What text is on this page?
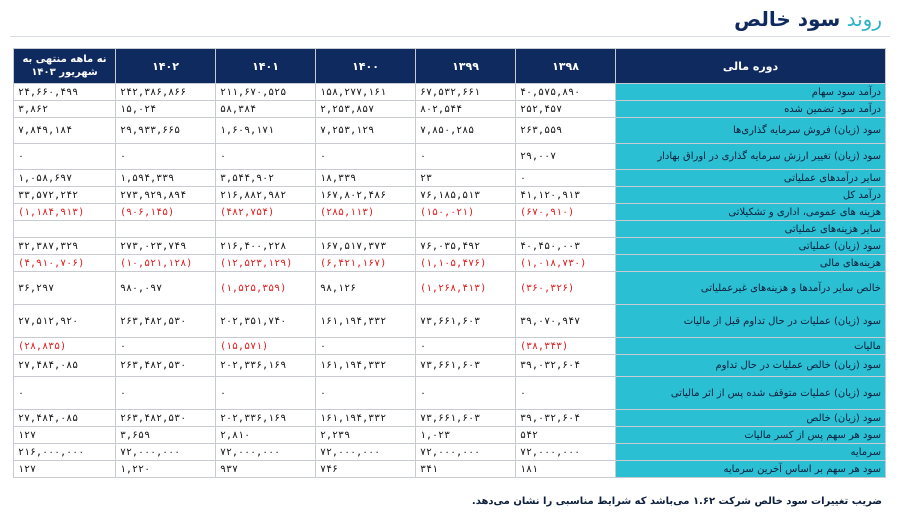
روند سود خالص
دوره مالی	۱۳۹۸	۱۳۹۹	۱۴۰۰	۱۴۰۱	۱۴۰۲	نه ماهه منتهی به شهریور ۱۴۰۳
درآمد سود سهام	۴۰,۵۷۵,۸۹۰	۶۷,۵۳۲,۶۶۱	۱۵۸,۲۷۷,۱۶۱	۲۱۱,۶۷۰,۵۲۵	۲۴۲,۳۸۶,۸۶۶	۲۴,۶۶۰,۴۹۹
درآمد سود تضمین شده	۲۵۲,۴۵۷	۸۰۲,۵۴۴	۲,۲۵۳,۸۵۷	۵۸,۳۸۴	۱۵,۰۲۴	۳,۸۶۲
سود (زیان) فروش سرمایه گذاری‌ها	۲۶۳,۵۵۹	۷,۸۵۰,۲۸۵	۷,۲۵۳,۱۲۹	۱,۶۰۹,۱۷۱	۲۹,۹۳۳,۶۶۵	۷,۸۴۹,۱۸۴
سود (زیان) تغییر ارزش سرمایه گذاری در اوراق بهادار	۲۹,۰۰۷	۰	۰	۰	۰	۰
سایر درآمدهای عملیاتی	۰	۲۳	۱۸,۳۳۹	۳,۵۴۴,۹۰۲	۱,۵۹۴,۳۳۹	۱,۰۵۸,۶۹۷
درآمد کل	۴۱,۱۲۰,۹۱۳	۷۶,۱۸۵,۵۱۳	۱۶۷,۸۰۲,۴۸۶	۲۱۶,۸۸۲,۹۸۲	۲۷۳,۹۲۹,۸۹۴	۳۳,۵۷۲,۲۴۲
هزینه های عمومی، اداری و تشکیلاتی	(۶۷۰,۹۱۰)	(۱۵۰,۰۲۱)	(۲۸۵,۱۱۳)	(۴۸۲,۷۵۴)	(۹۰۶,۱۴۵)	(۱,۱۸۴,۹۱۳)
سایر هزینه‌های عملیاتی						
سود (زیان) عملیاتی	۴۰,۴۵۰,۰۰۳	۷۶,۰۳۵,۴۹۲	۱۶۷,۵۱۷,۳۷۳	۲۱۶,۴۰۰,۲۲۸	۲۷۳,۰۲۳,۷۴۹	۳۲,۳۸۷,۳۲۹
هزینه‌های مالی	(۱,۰۱۸,۷۳۰)	(۱,۱۰۵,۴۷۶)	(۶,۴۲۱,۱۶۷)	(۱۲,۵۲۳,۱۲۹)	(۱۰,۵۲۱,۱۲۸)	(۴,۹۱۰,۷۰۶)
خالص سایر درآمدها و هزینه‌های غیرعملیاتی	(۳۶۰,۳۲۶)	(۱,۲۶۸,۴۱۳)	۹۸,۱۲۶	(۱,۵۲۵,۳۵۹)	۹۸۰,۰۹۷	۳۶,۲۹۷
سود (زیان) عملیات در حال تداوم قبل از مالیات	۳۹,۰۷۰,۹۴۷	۷۳,۶۶۱,۶۰۳	۱۶۱,۱۹۴,۳۳۲	۲۰۲,۳۵۱,۷۴۰	۲۶۳,۴۸۲,۵۳۰	۲۷,۵۱۲,۹۲۰
مالیات	(۳۸,۳۴۳)	۰	۰	(۱۵,۵۷۱)	۰	(۲۸,۸۳۵)
سود (زیان) خالص عملیات در حال تداوم	۳۹,۰۳۲,۶۰۴	۷۳,۶۶۱,۶۰۳	۱۶۱,۱۹۴,۳۳۲	۲۰۲,۳۳۶,۱۶۹	۲۶۳,۴۸۲,۵۳۰	۲۷,۴۸۴,۰۸۵
سود (زیان) عملیات متوقف شده پس از اثر مالیاتی	۰	۰	۰	۰	۰	۰
سود (زیان) خالص	۳۹,۰۳۲,۶۰۴	۷۳,۶۶۱,۶۰۳	۱۶۱,۱۹۴,۳۳۲	۲۰۲,۳۳۶,۱۶۹	۲۶۳,۴۸۲,۵۳۰	۲۷,۴۸۴,۰۸۵
سود هر سهم پس از کسر مالیات	۵۴۲	۱,۰۲۳	۲,۲۳۹	۲,۸۱۰	۳,۶۵۹	۱۲۷
سرمایه	۷۲,۰۰۰,۰۰۰	۷۲,۰۰۰,۰۰۰	۷۲,۰۰۰,۰۰۰	۷۲,۰۰۰,۰۰۰	۷۲,۰۰۰,۰۰۰	۲۱۶,۰۰۰,۰۰۰
سود هر سهم بر اساس آخرین سرمایه	۱۸۱	۳۴۱	۷۴۶	۹۳۷	۱,۲۲۰	۱۲۷
ضریب تغییرات سود خالص شرکت ۱.۶۲ می‌باشد که شرایط مناسبی را نشان می‌دهد.
